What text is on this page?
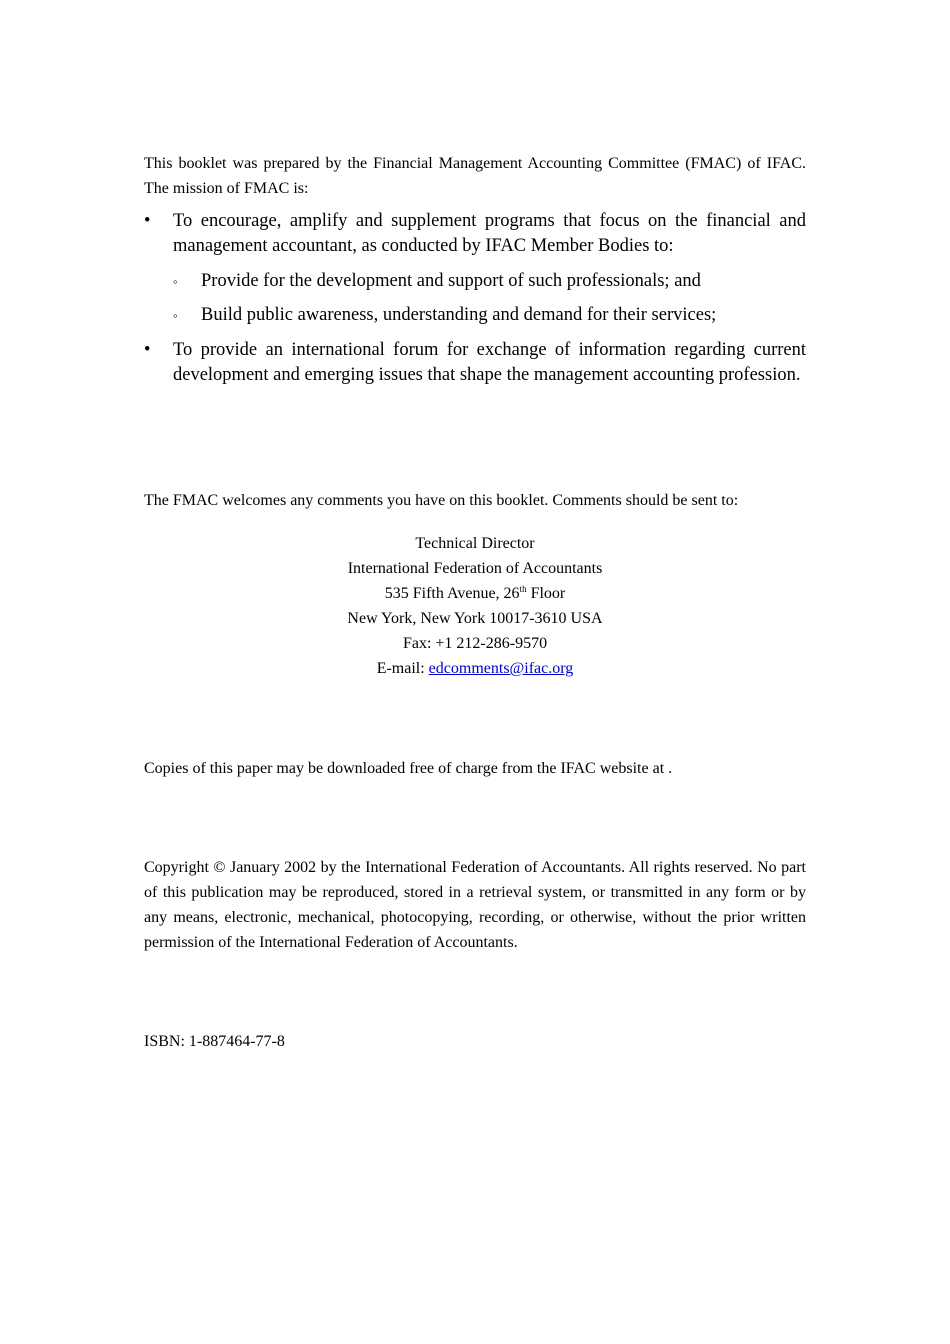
This booklet was prepared by the Financial Management Accounting Committee (FMAC) of IFAC. The mission of FMAC is:

•	To encourage, amplify and supplement programs that focus on the financial and management accountant, as conducted by IFAC Member Bodies to:
◦ Provide for the development and support of such professionals; and
◦ Build public awareness, understanding and demand for their services;
•	To provide an international forum for exchange of information regarding current development and emerging issues that shape the management accounting profession.

The FMAC welcomes any comments you have on this booklet. Comments should be sent to:

Technical Director
International Federation of Accountants
535 Fifth Avenue, 26th Floor
New York, New York 10017-3610 USA
Fax: +1 212-286-9570
E-mail: edcomments@ifac.org

Copies of this paper may be downloaded free of charge from the IFAC website at .

Copyright © January 2002 by the International Federation of Accountants. All rights reserved. No part of this publication may be reproduced, stored in a retrieval system, or transmitted in any form or by any means, electronic, mechanical, photocopying, recording, or otherwise, without the prior written permission of the International Federation of Accountants.

ISBN: 1-887464-77-8
